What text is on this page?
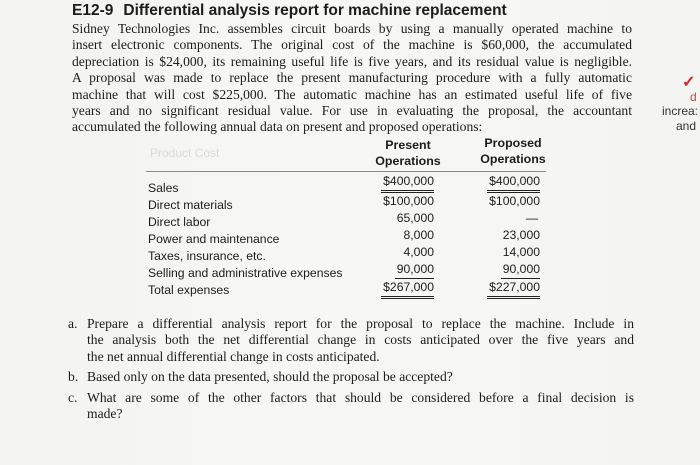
E12-9 Differential analysis report for machine replacement
Sidney Technologies Inc. assembles circuit boards by using a manually operated machine to
insert electronic components. The original cost of the machine is $60,000, the accumulated
depreciation is $24,000, its remaining useful life is five years, and its residual value is negligible.
A proposal was made to replace the present manufacturing procedure with a fully automatic
machine that will cost $225,000. The automatic machine has an estimated useful life of five
years and no significant residual value. For use in evaluating the proposal, the accountant
accumulated the following annual data on present and proposed operations:
✓
d
increa:
and
Product Cost
Present
Operations
Proposed
Operations
Sales
Direct materials
Direct labor
Power and maintenance
Taxes, insurance, etc.
Selling and administrative expenses
Total expenses
$400,000
$100,000
65,000
8,000
4,000
90,000
$267,000
$400,000
$100,000
—
23,000
14,000
90,000
$227,000
a. Prepare a differential analysis report for the proposal to replace the machine. Include in
the analysis both the net differential change in costs anticipated over the five years and
the net annual differential change in costs anticipated.
b. Based only on the data presented, should the proposal be accepted?
c. What are some of the other factors that should be considered before a final decision is
made?
